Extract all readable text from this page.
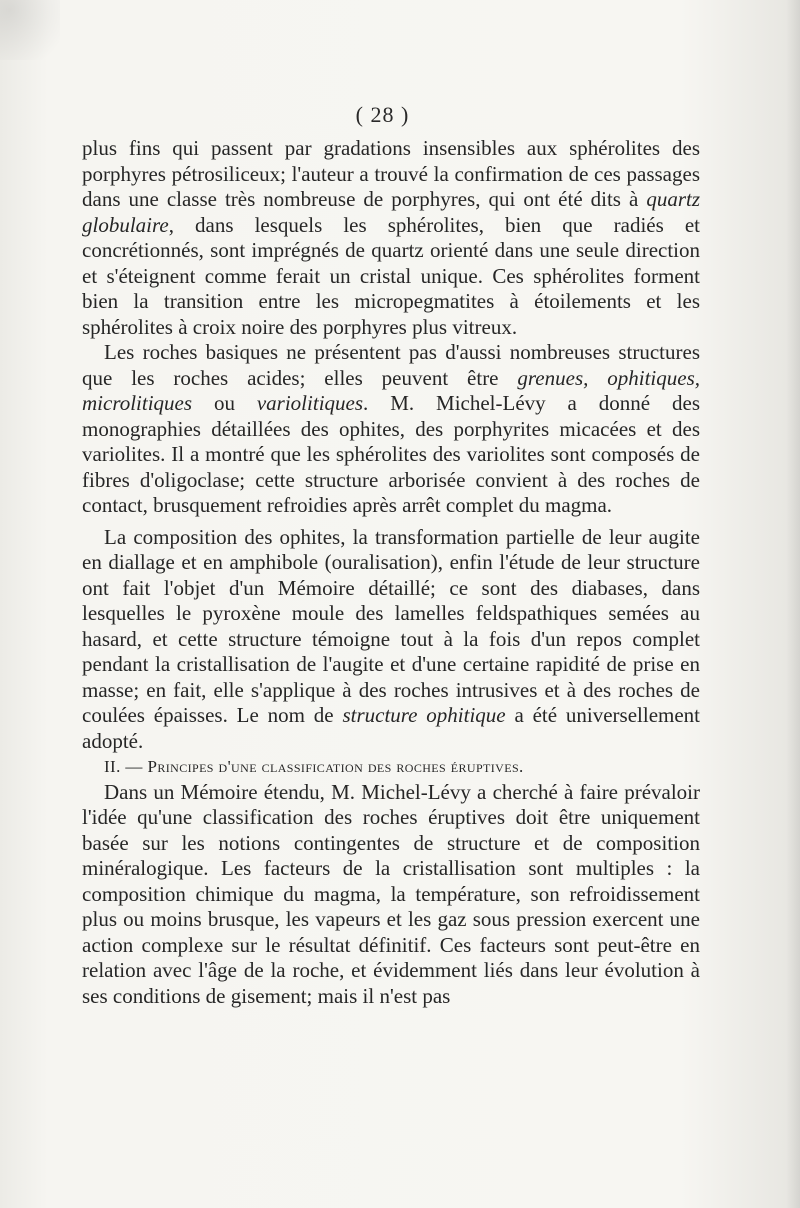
( 28 )

plus fins qui passent par gradations insensibles aux sphérolites des porphyres pétrosiliceux; l'auteur a trouvé la confirmation de ces passages dans une classe très nombreuse de porphyres, qui ont été dits à quartz globulaire, dans lesquels les sphérolites, bien que radiés et concrétionnés, sont imprégnés de quartz orienté dans une seule direction et s'éteignent comme ferait un cristal unique. Ces sphérolites forment bien la transition entre les micropegmatites à étoilements et les sphérolites à croix noire des porphyres plus vitreux.

Les roches basiques ne présentent pas d'aussi nombreuses structures que les roches acides; elles peuvent être grenues, ophitiques, microlitiques ou variolitiques. M. Michel-Lévy a donné des monographies détaillées des ophites, des porphyrites micacées et des variolites. Il a montré que les sphérolites des variolites sont composés de fibres d'oligoclase; cette structure arborisée convient à des roches de contact, brusquement refroidies après arrêt complet du magma.

La composition des ophites, la transformation partielle de leur augite en diallage et en amphibole (ouralisation), enfin l'étude de leur structure ont fait l'objet d'un Mémoire détaillé; ce sont des diabases, dans lesquelles le pyroxène moule des lamelles feldspathiques semées au hasard, et cette structure témoigne tout à la fois d'un repos complet pendant la cristallisation de l'augite et d'une certaine rapidité de prise en masse; en fait, elle s'applique à des roches intrusives et à des roches de coulées épaisses. Le nom de structure ophitique a été universellement adopté.

II. — Principes d'une classification des roches éruptives.

Dans un Mémoire étendu, M. Michel-Lévy a cherché à faire prévaloir l'idée qu'une classification des roches éruptives doit être uniquement basée sur les notions contingentes de structure et de composition minéralogique. Les facteurs de la cristallisation sont multiples : la composition chimique du magma, la température, son refroidissement plus ou moins brusque, les vapeurs et les gaz sous pression exercent une action complexe sur le résultat définitif. Ces facteurs sont peut-être en relation avec l'âge de la roche, et évidemment liés dans leur évolution à ses conditions de gisement; mais il n'est pas
